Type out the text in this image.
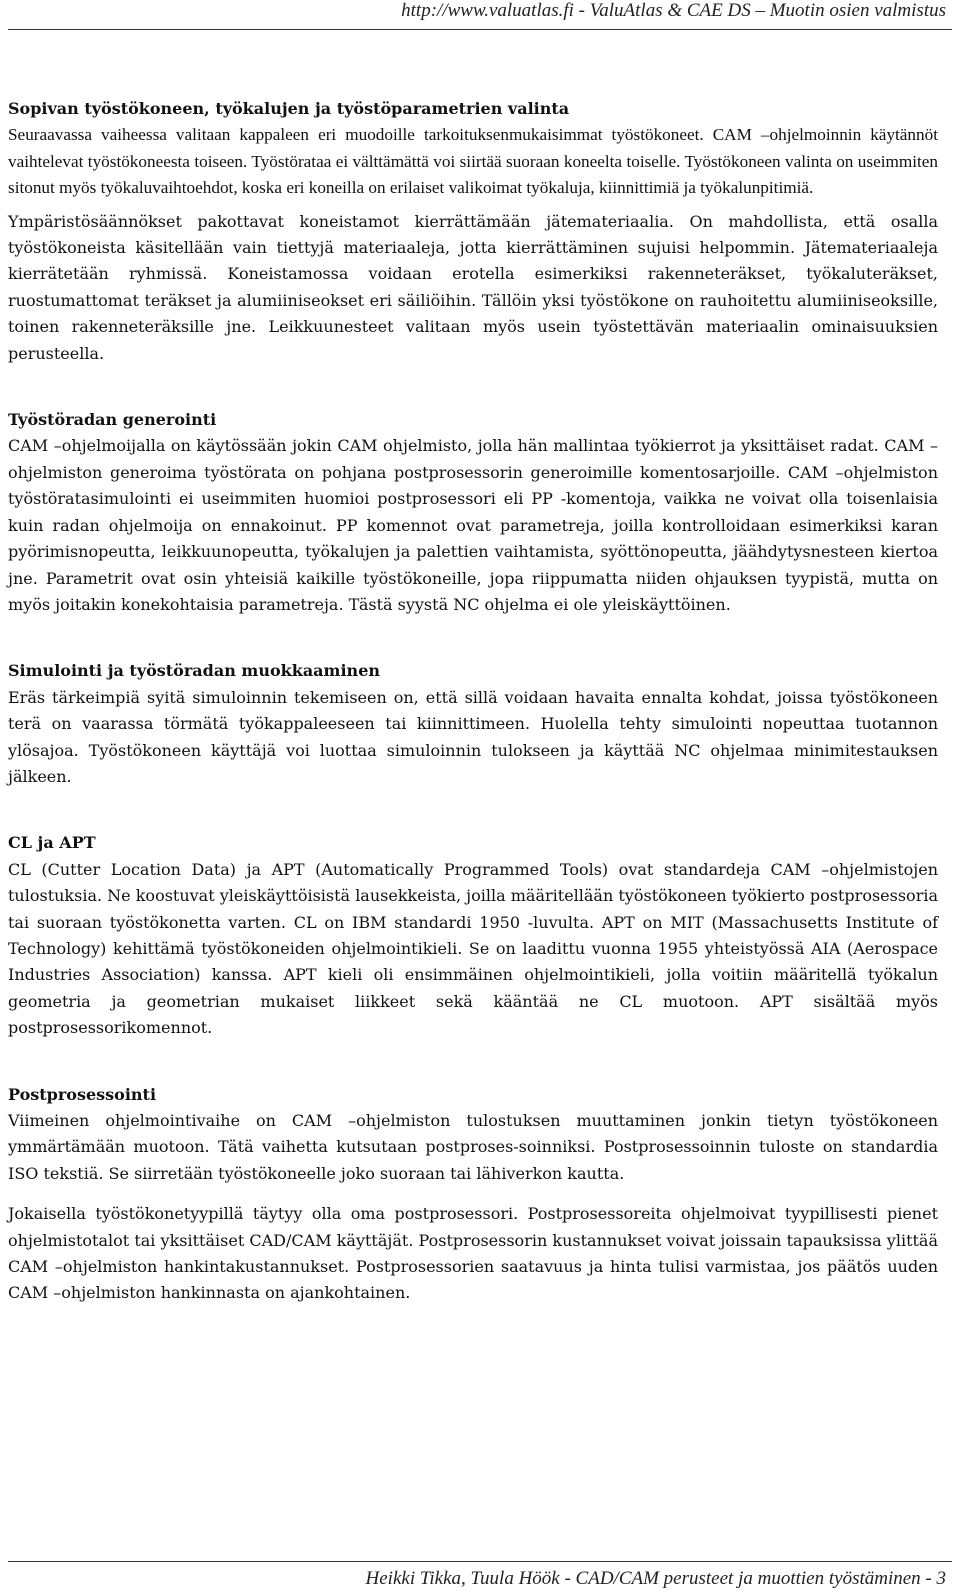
http://www.valuatlas.fi - ValuAtlas & CAE DS – Muotin osien valmistus
Sopivan työstökoneen, työkalujen ja työstöparametrien valinta

Seuraavassa vaiheessa valitaan kappaleen eri muodoille tarkoituksenmukaisimmat työstökoneet. CAM –ohjelmoinnin käytännöt vaihtelevat työstökoneesta toiseen. Työstörataa ei välttämättä voi siirtää suoraan koneelta toiselle. Työstökoneen valinta on useimmiten sitonut myös työkaluvaihtoehdot, koska eri koneilla on erilaiset valikoimat työkaluja, kiinnittimiä ja työkalunpitimiä.

Ympäristösäännökset pakottavat koneistamot kierrättämään jätemateriaalia. On mahdollista, että osalla työstökoneista käsitellään vain tiettyjä materiaaleja, jotta kierrättäminen sujuisi helpommin. Jätemateriaaleja kierrätetään ryhmissä. Koneistamossa voidaan erotella esimerkiksi rakenneteräkset, työkaluteräkset, ruostumattomat teräkset ja alumiiniseokset eri säiliöihin. Tällöin yksi työstökone on rauhoitettu alumiiniseoksille, toinen rakenneteräksille jne. Leikkuunesteet valitaan myös usein työstettävän materiaalin ominaisuuksien perusteella.

Työstöradan generointi

CAM –ohjelmoijalla on käytössään jokin CAM ohjelmisto, jolla hän mallintaa työkierrot ja yksittäiset radat. CAM –ohjelmiston generoima työstörata on pohjana postprosessorin generoimille komentosarjoille. CAM –ohjelmiston työstöratasimulointi ei useimmiten huomioi postprosessori eli PP -komentoja, vaikka ne voivat olla toisenlaisia kuin radan ohjelmoija on ennakoinut. PP komennot ovat parametreja, joilla kontrolloidaan esimerkiksi karan pyörimisnopeutta, leikkuunopeutta, työkalujen ja palettien vaihtamista, syöttönopeutta, jäähdytysnesteen kiertoa jne. Parametrit ovat osin yhteisiä kaikille työstökoneille, jopa riippumatta niiden ohjauksen tyypistä, mutta on myös joitakin konekohtaisia parametreja. Tästä syystä NC ohjelma ei ole yleiskäyttöinen.

Simulointi ja työstöradan muokkaaminen

Eräs tärkeimpiä syitä simuloinnin tekemiseen on, että sillä voidaan havaita ennalta kohdat, joissa työstökoneen terä on vaarassa törmätä työkappaleeseen tai kiinnittimeen. Huolella tehty simulointi nopeuttaa tuotannon ylösajoa. Työstökoneen käyttäjä voi luottaa simuloinnin tulokseen ja käyttää NC ohjelmaa minimitestauksen jälkeen.

CL ja APT

CL (Cutter Location Data) ja APT (Automatically Programmed Tools) ovat standardeja CAM –ohjelmistojen tulostuksia. Ne koostuvat yleiskäyttöisistä lausekkeista, joilla määritellään työstökoneen työkierto postprosessoria tai suoraan työstökonetta varten. CL on IBM standardi 1950 -luvulta. APT on MIT (Massachusetts Institute of Technology) kehittämä työstökoneiden ohjelmointikieli. Se on laadittu vuonna 1955 yhteistyössä AIA (Aerospace Industries Association) kanssa. APT kieli oli ensimmäinen ohjelmointikieli, jolla voitiin määritellä työkalun geometria ja geometrian mukaiset liikkeet sekä kääntää ne CL muotoon. APT sisältää myös postprosessorikomennot.

Postprosessointi

Viimeinen ohjelmointivaihe on CAM –ohjelmiston tulostuksen muuttaminen jonkin tietyn työstökoneen ymmärtämään muotoon. Tätä vaihetta kutsutaan postproses-soinniksi. Postprosessoinnin tuloste on standardia ISO tekstiä. Se siirretään työstökoneelle joko suoraan tai lähiverkon kautta.

Jokaisella työstökonetyypillä täytyy olla oma postprosessori. Postprosessoreita ohjelmoivat tyypillisesti pienet ohjelmistotalot tai yksittäiset CAD/CAM käyttäjät. Postprosessorin kustannukset voivat joissain tapauksissa ylittää CAM –ohjelmiston hankintakustannukset. Postprosessorien saatavuus ja hinta tulisi varmistaa, jos päätös uuden CAM –ohjelmiston hankinnasta on ajankohtainen.

Heikki Tikka, Tuula Höök - CAD/CAM perusteet ja muottien työstäminen - 3
